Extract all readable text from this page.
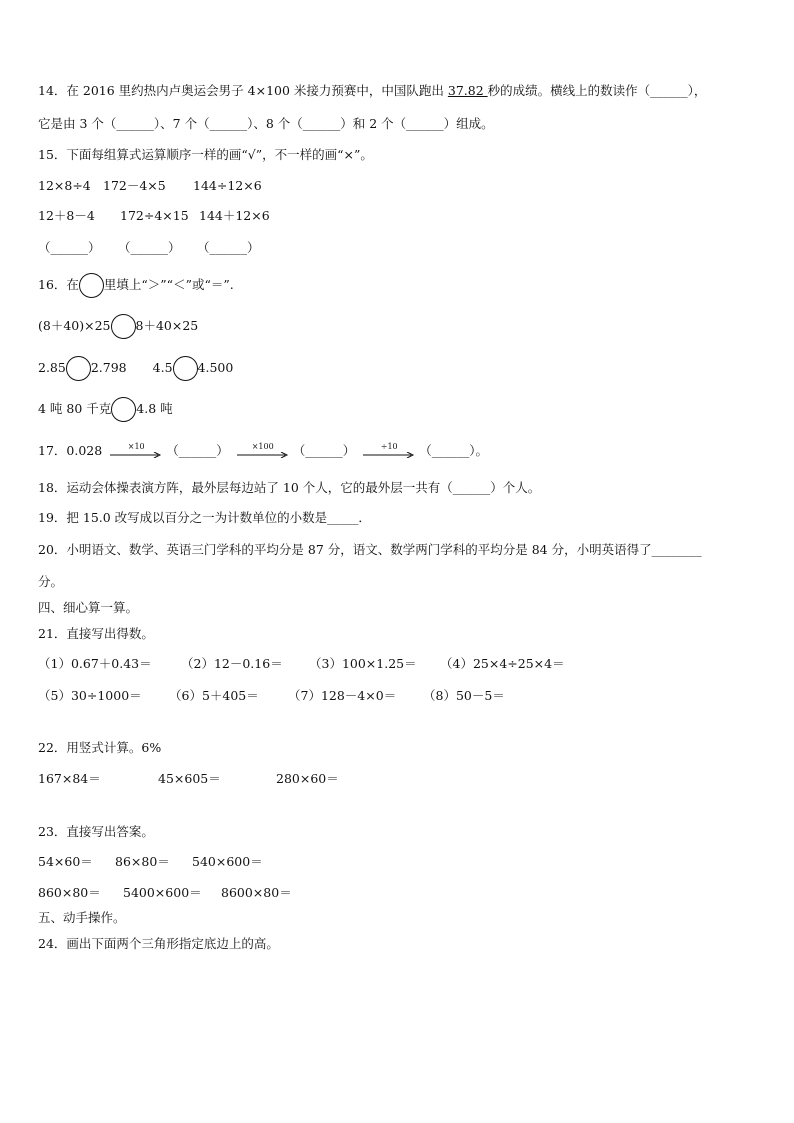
14．在 2016 里约热内卢奥运会男子 4×100 米接力预赛中，中国队跑出 37.82 秒的成绩。横线上的数读作（______），
它是由 3 个（______）、7 个（______）、8 个（______）和 2 个（______）组成。
15．下面每组算式运算顺序一样的画“√”，不一样的画“×”。
12×8÷4 172－4×5 144÷12×6
12＋8－4 172÷4×15 144＋12×6
（______） （______） （______）
16．在 里填上“＞”“＜”或“＝”.
(8＋40)×25 8＋40×25
2.85 2.798 4.5 4.500
4 吨 80 千克 4.8 吨
17．0.028	×10	（______）	×100	（______）	÷10	（______）。
18．运动会体操表演方阵，最外层每边站了 10 个人，它的最外层一共有（______）个人。
19．把 15.0 改写成以百分之一为计数单位的小数是_____．
20．小明语文、数学、英语三门学科的平均分是 87 分，语文、数学两门学科的平均分是 84 分，小明英语得了________
分。
四、细心算一算。
21．直接写出得数。
（1）0.67＋0.43＝ （2）12－0.16＝ （3）100×1.25＝ （4）25×4÷25×4＝
（5）30÷1000＝ （6）5＋405＝ （7）128－4×0＝ （8）50－5＝
22．用竖式计算。6%
167×84＝	45×605＝	280×60＝
23．直接写出答案。
54×60＝ 86×80＝ 540×600＝
860×80＝ 5400×600＝ 8600×80＝
五、动手操作。
24．画出下面两个三角形指定底边上的高。
